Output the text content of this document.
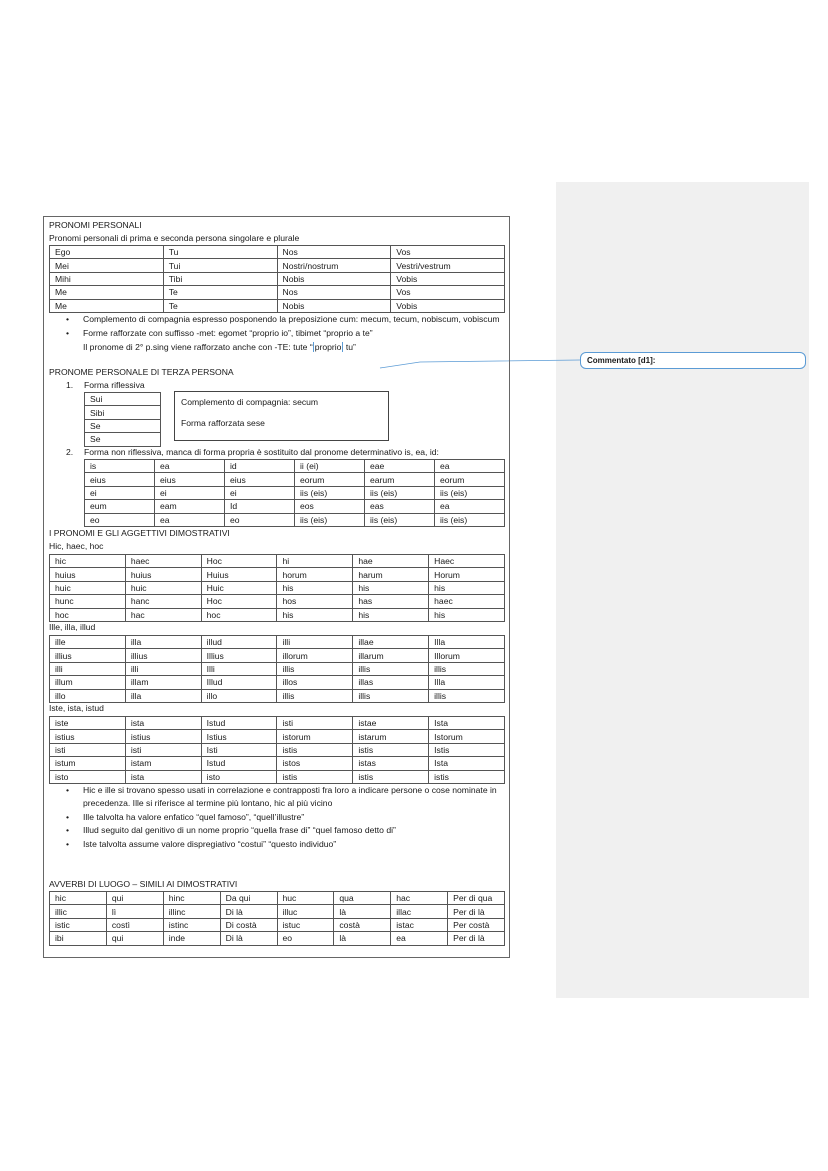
Commentato [d1]:
PRONOMI PERSONALI
Pronomi personali di prima e seconda persona singolare e plurale
Ego	Tu	Nos	Vos
Mei	Tui	Nostri/nostrum	Vestri/vestrum
Mihi	Tibi	Nobis	Vobis
Me	Te	Nos	Vos
Me	Te	Nobis	Vobis
• Complemento di compagnia espresso posponendo la preposizione cum: mecum, tecum, nobiscum, vobiscum
• Forme rafforzate con suffisso -met: egomet “proprio io”, tibimet “proprio a te”
Il pronome di 2° p.sing viene rafforzato anche con -TE: tute “ proprio tu”
PRONOME PERSONALE DI TERZA PERSONA
1. Forma riflessiva
Sui
Sibi
Se
Se
Complemento di compagnia: secum
Forma rafforzata sese
2. Forma non riflessiva, manca di forma propria è sostituito dal pronome determinativo is, ea, id:
is	ea	id	ii (ei)	eae	ea
eius	eius	eius	eorum	earum	eorum
ei	ei	ei	iis (eis)	iis (eis)	iis (eis)
eum	eam	Id	eos	eas	ea
eo	ea	eo	iis (eis)	iis (eis)	iis (eis)
I PRONOMI E GLI AGGETTIVI DIMOSTRATIVI
Hic, haec, hoc
hic	haec	Hoc	hi	hae	Haec
huius	huius	Huius	horum	harum	Horum
huic	huic	Huic	his	his	his
hunc	hanc	Hoc	hos	has	haec
hoc	hac	hoc	his	his	his
Ille, illa, illud
ille	illa	illud	illi	illae	Illa
illius	illius	Illius	illorum	illarum	Illorum
illi	illi	Illi	illis	illis	illis
illum	illam	Illud	illos	illas	Illa
illo	illa	illo	illis	illis	illis
Iste, ista, istud
iste	ista	Istud	isti	istae	Ista
istius	istius	Istius	istorum	istarum	Istorum
isti	isti	Isti	istis	istis	Istis
istum	istam	Istud	istos	istas	Ista
isto	ista	isto	istis	istis	istis
• Hic e ille si trovano spesso usati in correlazione e contrapposti fra loro a indicare persone o cose nominate in precedenza. Ille si riferisce al termine più lontano, hic al più vicino
• Ille talvolta ha valore enfatico “quel famoso”, “quell’illustre”
• Illud seguito dal genitivo di un nome proprio “quella frase di” “quel famoso detto di”
• Iste talvolta assume valore dispregiativo “costui” “questo individuo”
AVVERBI DI LUOGO – SIMILI AI DIMOSTRATIVI
hic	qui	hinc	Da qui	huc	qua	hac	Per di qua
illic	lì	illinc	Di là	illuc	là	illac	Per di là
istic	costì	istinc	Di costà	istuc	costà	istac	Per costà
ibi	qui	inde	Di là	eo	là	ea	Per di là
